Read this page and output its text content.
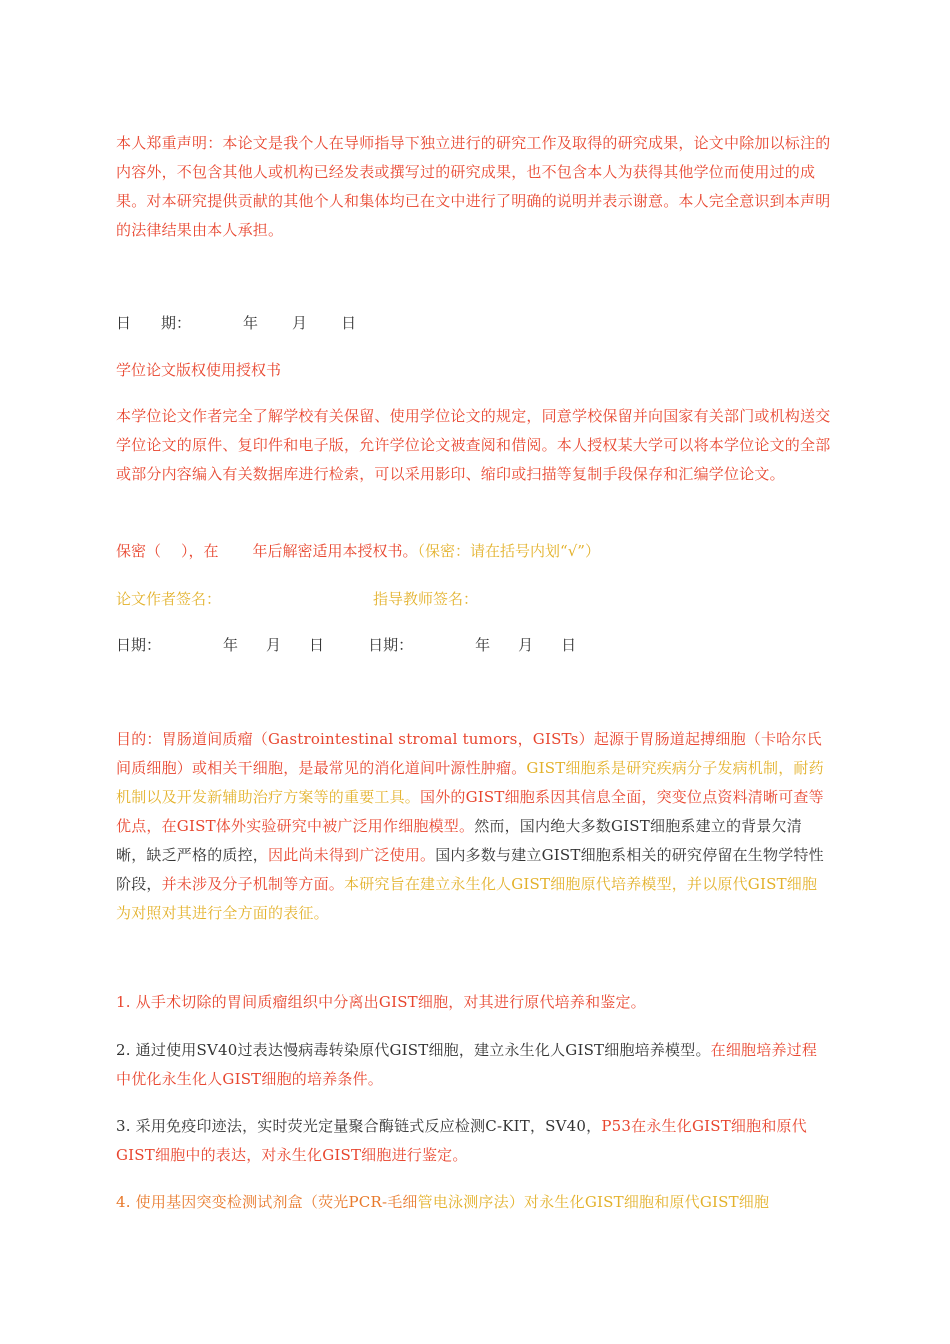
本人郑重声明：本论文是我个人在导师指导下独立进行的研究工作及取得的研究成果，论文中除加以标注的内容外，不包含其他人或机构已经发表或撰写过的研究成果，也不包含本人为获得其他学位而使用过的成果。对本研究提供贡献的其他个人和集体均已在文中进行了明确的说明并表示谢意。本人完全意识到本声明的法律结果由本人承担。

日 期：	年 月 日
学位论文版权使用授权书

本学位论文作者完全了解学校有关保留、使用学位论文的规定，同意学校保留并向国家有关部门或机构送交学位论文的原件、复印件和电子版，允许学位论文被查阅和借阅。本人授权某大学可以将本学位论文的全部或部分内容编入有关数据库进行检索，可以采用影印、缩印或扫描等复制手段保存和汇编学位论文。

保密（ ），在 年后解密适用本授权书。（保密：请在括号内划“√”）
论文作者签名：	指导教师签名：
日期：	年 月 日	日期：	年 月 日

目的：胃肠道间质瘤（Gastrointestinal stromal tumors，GISTs）起源于胃肠道起搏细胞（卡哈尔氏间质细胞）或相关干细胞，是最常见的消化道间叶源性肿瘤。GIST细胞系是研究疾病分子发病机制，耐药机制以及开发新辅助治疗方案等的重要工具。国外的GIST细胞系因其信息全面，突变位点资料清晰可查等优点，在GIST体外实验研究中被广泛用作细胞模型。然而，国内绝大多数GIST细胞系建立的背景欠清晰，缺乏严格的质控，因此尚未得到广泛使用。国内多数与建立GIST细胞系相关的研究停留在生物学特性阶段，并未涉及分子机制等方面。本研究旨在建立永生化人GIST细胞原代培养模型，并以原代GIST细胞为对照对其进行全方面的表征。

1. 从手术切除的胃间质瘤组织中分离出GIST细胞，对其进行原代培养和鉴定。

2. 通过使用SV40过表达慢病毒转染原代GIST细胞，建立永生化人GIST细胞培养模型。在细胞培养过程中优化永生化人GIST细胞的培养条件。

3. 采用免疫印迹法，实时荧光定量聚合酶链式反应检测C-KIT，SV40，P53在永生化GIST细胞和原代GIST细胞中的表达，对永生化GIST细胞进行鉴定。

4. 使用基因突变检测试剂盒（荧光PCR-毛细管电泳测序法）对永生化GIST细胞和原代GIST细胞
